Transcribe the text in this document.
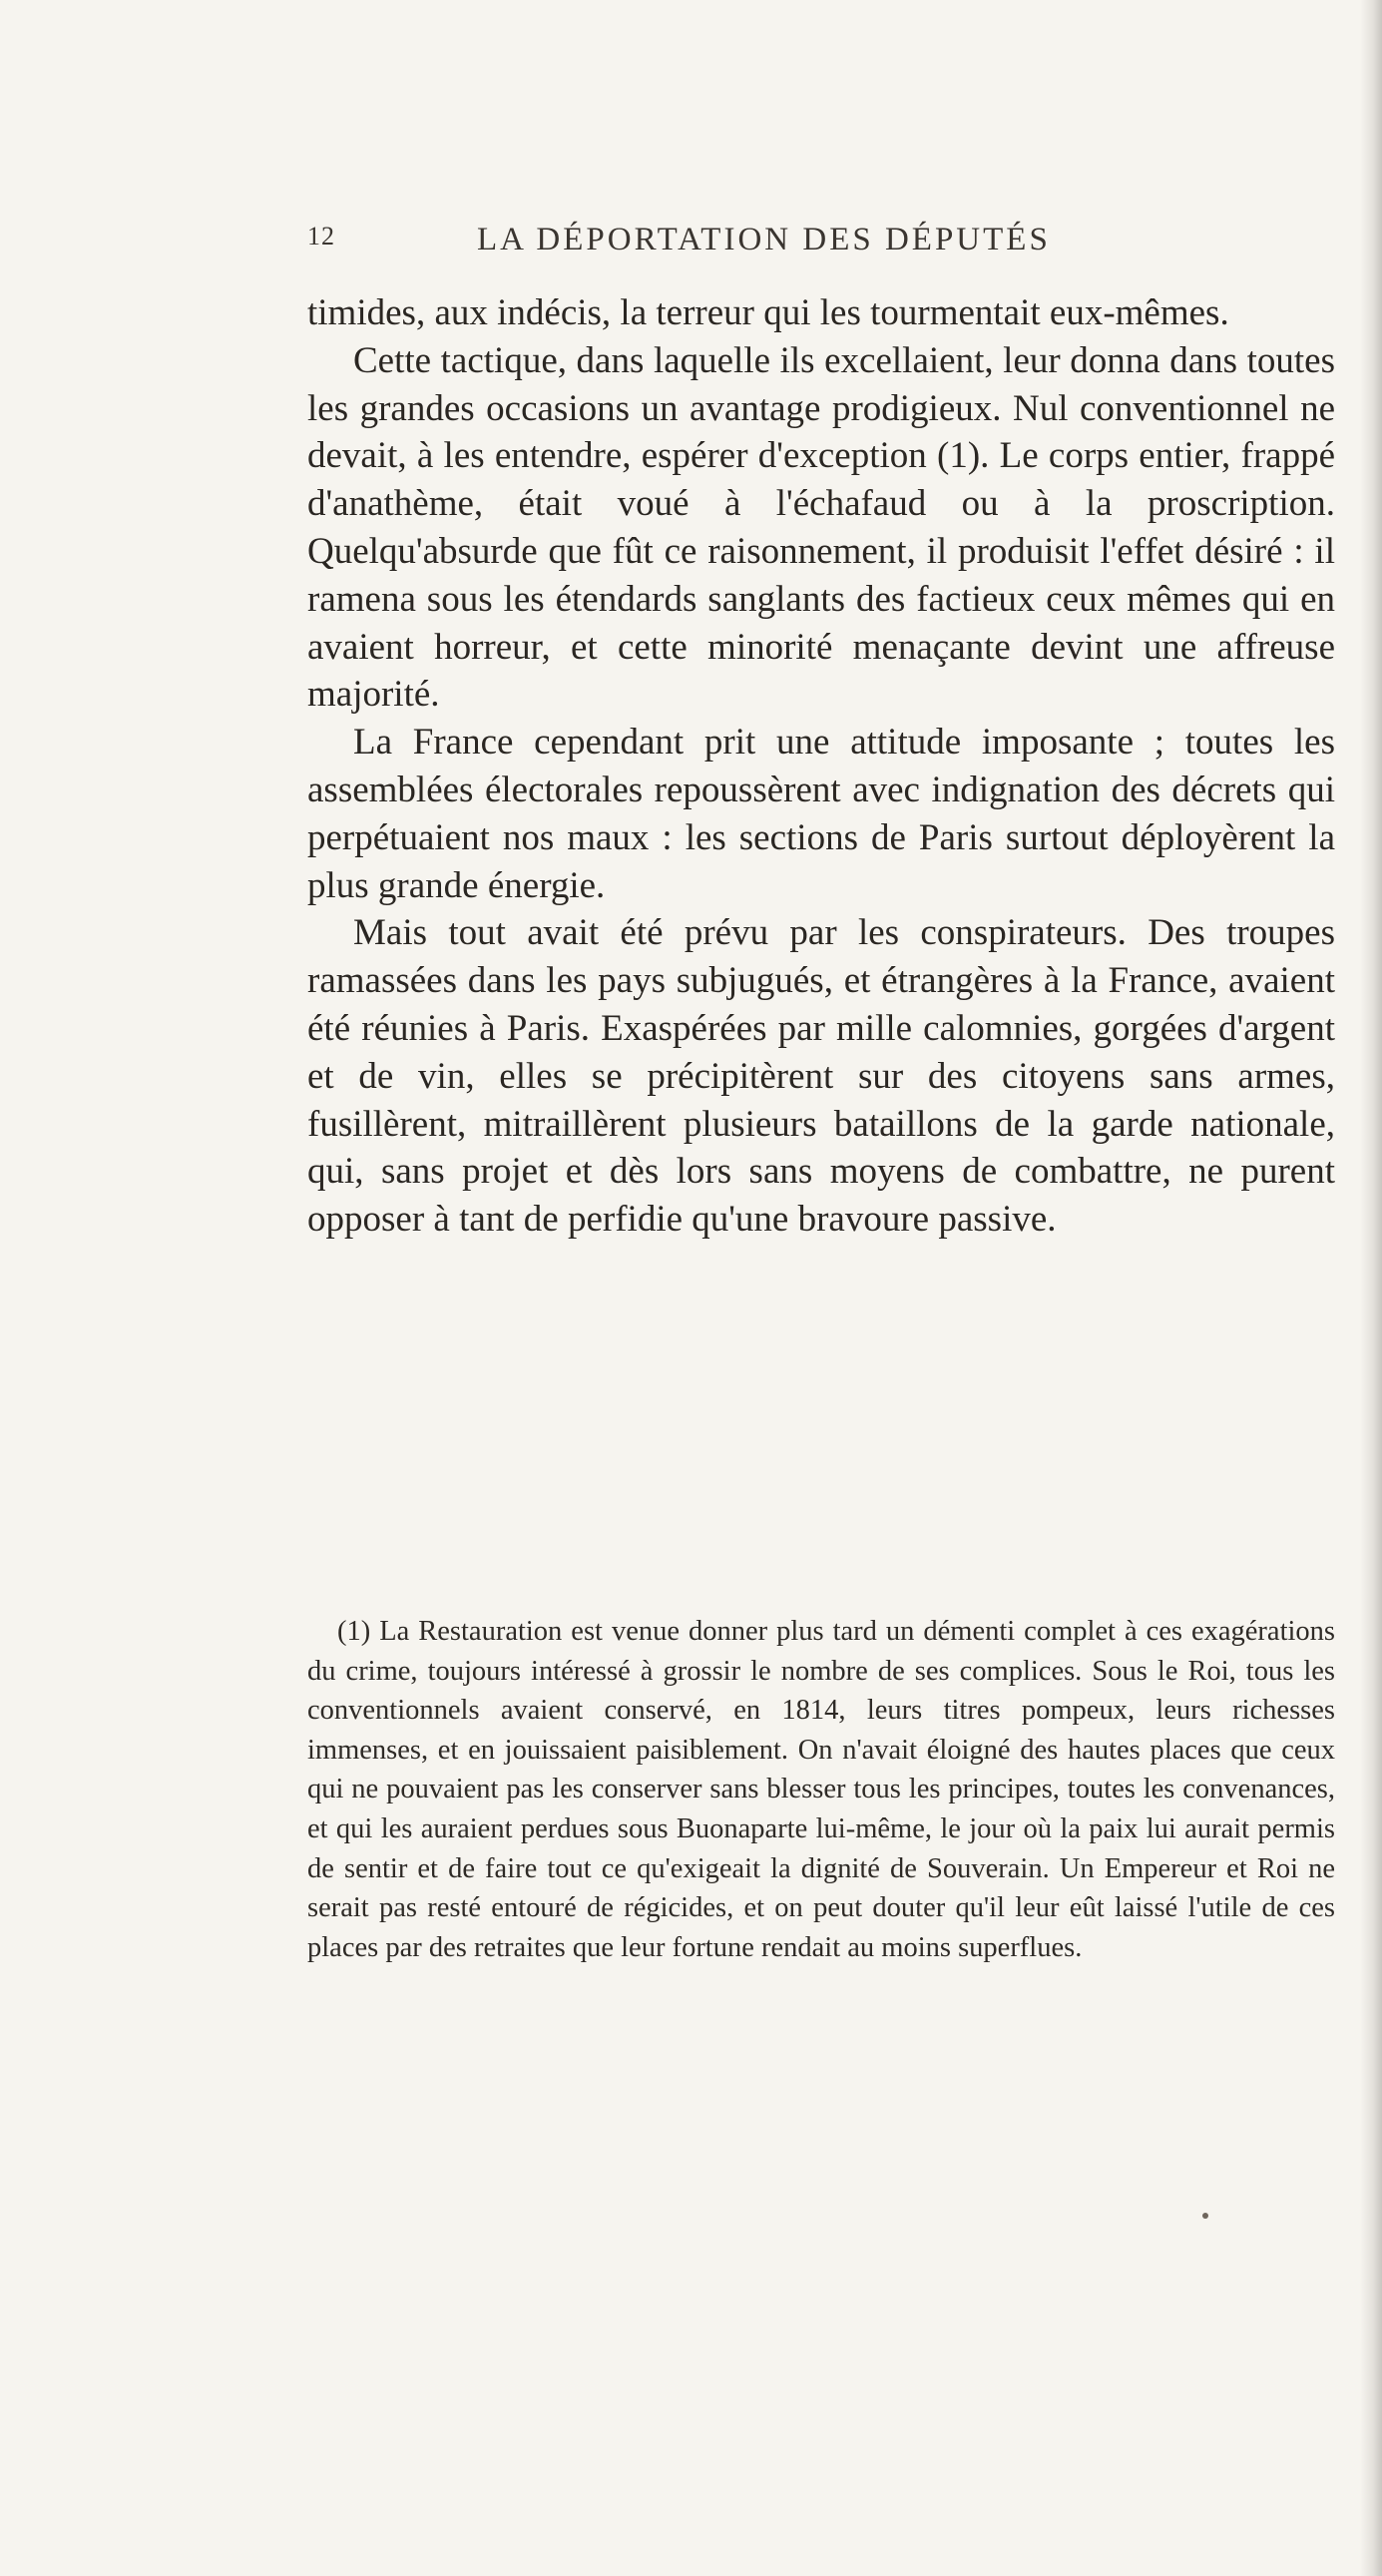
12	LA DÉPORTATION DES DÉPUTÉS

timides, aux indécis, la terreur qui les tourmentait eux-mêmes.

Cette tactique, dans laquelle ils excellaient, leur donna dans toutes les grandes occasions un avantage prodigieux. Nul conventionnel ne devait, à les entendre, espérer d'exception (1). Le corps entier, frappé d'anathème, était voué à l'échafaud ou à la proscription. Quelqu'absurde que fût ce raisonnement, il produisit l'effet désiré : il ramena sous les étendards sanglants des factieux ceux mêmes qui en avaient horreur, et cette minorité menaçante devint une affreuse majorité.

La France cependant prit une attitude imposante ; toutes les assemblées électorales repoussèrent avec indignation des décrets qui perpétuaient nos maux : les sections de Paris surtout déployèrent la plus grande énergie.

Mais tout avait été prévu par les conspirateurs. Des troupes ramassées dans les pays subjugués, et étrangères à la France, avaient été réunies à Paris. Exaspérées par mille calomnies, gorgées d'argent et de vin, elles se précipitèrent sur des citoyens sans armes, fusillèrent, mitraillèrent plusieurs bataillons de la garde nationale, qui, sans projet et dès lors sans moyens de combattre, ne purent opposer à tant de perfidie qu'une bravoure passive.

(1) La Restauration est venue donner plus tard un démenti complet à ces exagérations du crime, toujours intéressé à grossir le nombre de ses complices. Sous le Roi, tous les conventionnels avaient conservé, en 1814, leurs titres pompeux, leurs richesses immenses, et en jouissaient paisiblement. On n'avait éloigné des hautes places que ceux qui ne pouvaient pas les conserver sans blesser tous les principes, toutes les convenances, et qui les auraient perdues sous Buonaparte lui-même, le jour où la paix lui aurait permis de sentir et de faire tout ce qu'exigeait la dignité de Souverain. Un Empereur et Roi ne serait pas resté entouré de régicides, et on peut douter qu'il leur eût laissé l'utile de ces places par des retraites que leur fortune rendait au moins superflues.
